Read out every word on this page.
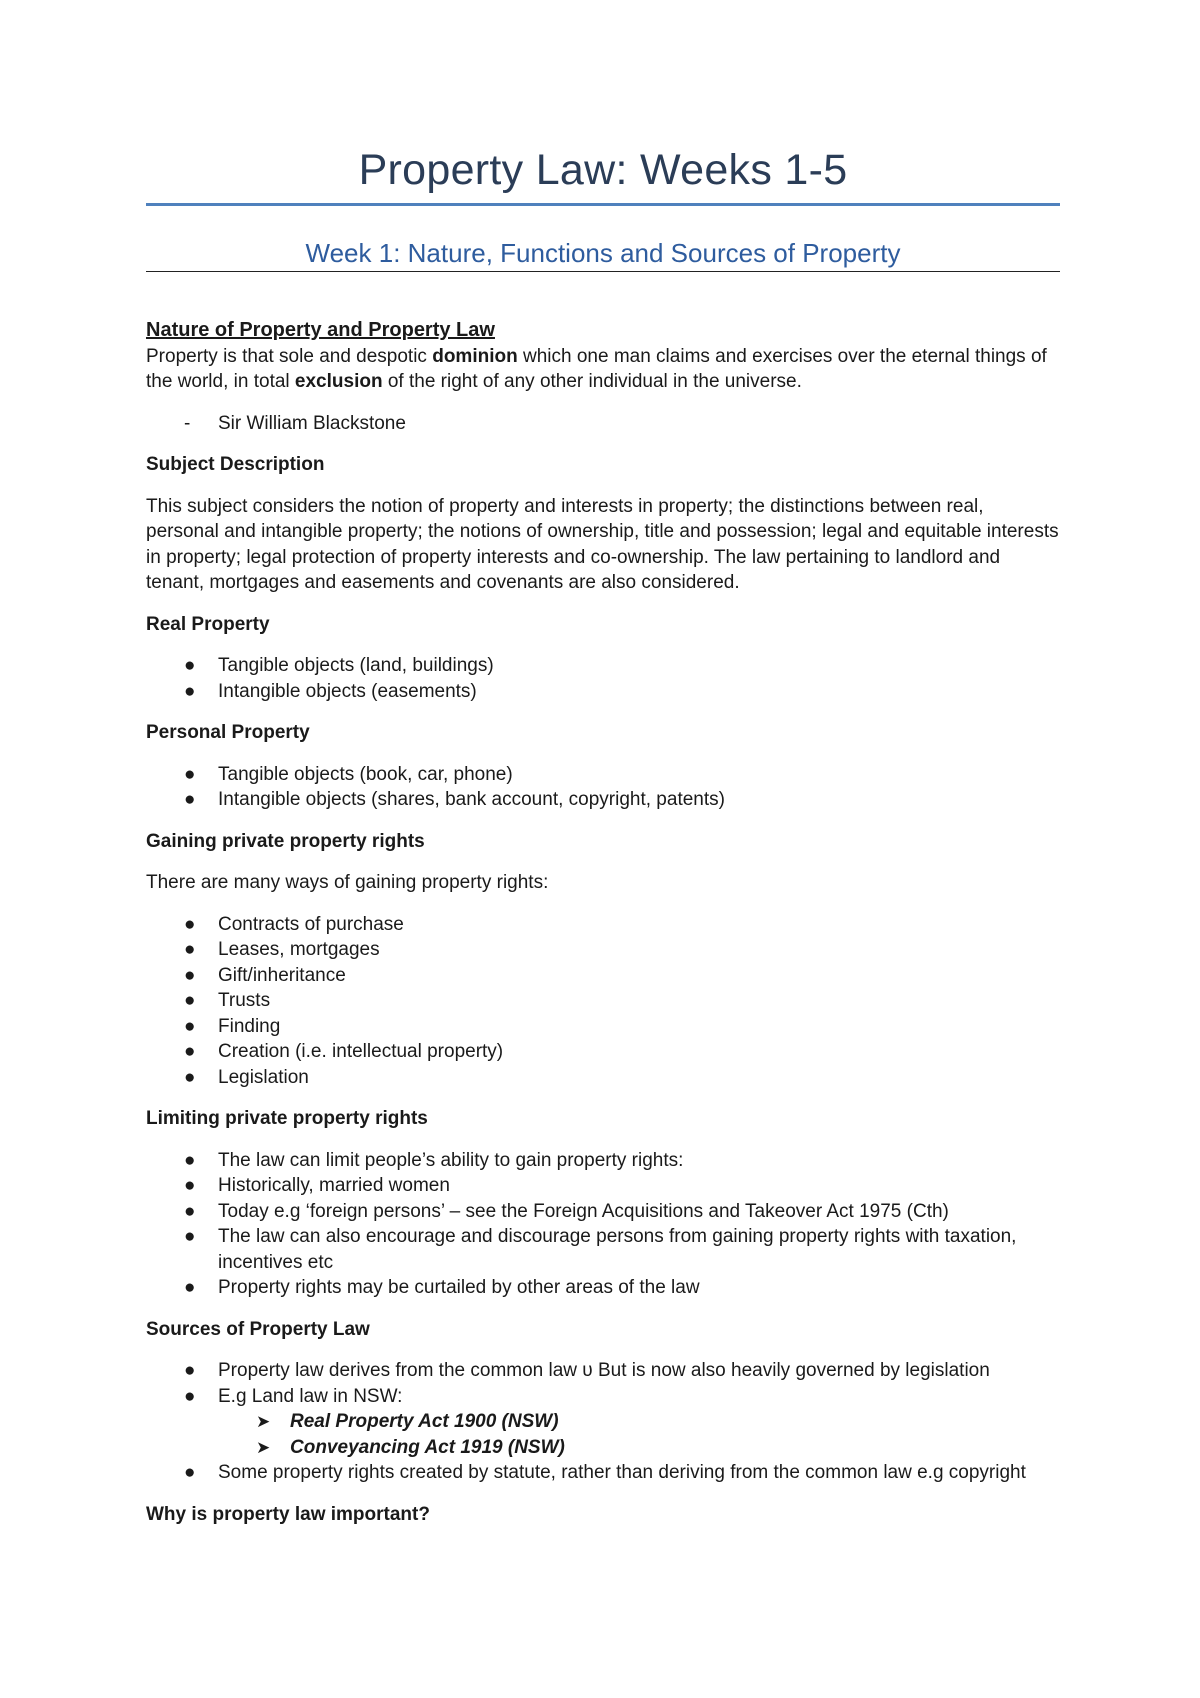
Property Law: Weeks 1-5
Week 1: Nature, Functions and Sources of Property

Nature of Property and Property Law

Property is that sole and despotic dominion which one man claims and exercises over the eternal things of the world, in total exclusion of the right of any other individual in the universe.

- Sir William Blackstone

Subject Description

This subject considers the notion of property and interests in property; the distinctions between real, personal and intangible property; the notions of ownership, title and possession; legal and equitable interests in property; legal protection of property interests and co-ownership. The law pertaining to landlord and tenant, mortgages and easements and covenants are also considered.

Real Property

● Tangible objects (land, buildings)
● Intangible objects (easements)

Personal Property

● Tangible objects (book, car, phone)
● Intangible objects (shares, bank account, copyright, patents)

Gaining private property rights

There are many ways of gaining property rights:

● Contracts of purchase
● Leases, mortgages
● Gift/inheritance
● Trusts
● Finding
● Creation (i.e. intellectual property)
● Legislation

Limiting private property rights

● The law can limit people’s ability to gain property rights:
● Historically, married women
● Today e.g ‘foreign persons’ – see the Foreign Acquisitions and Takeover Act 1975 (Cth)
● The law can also encourage and discourage persons from gaining property rights with taxation, incentives etc
● Property rights may be curtailed by other areas of the law

Sources of Property Law

● Property law derives from the common law υ But is now also heavily governed by legislation
● E.g Land law in NSW:
➤ Real Property Act 1900 (NSW)
➤ Conveyancing Act 1919 (NSW)
● Some property rights created by statute, rather than deriving from the common law e.g copyright

Why is property law important?
